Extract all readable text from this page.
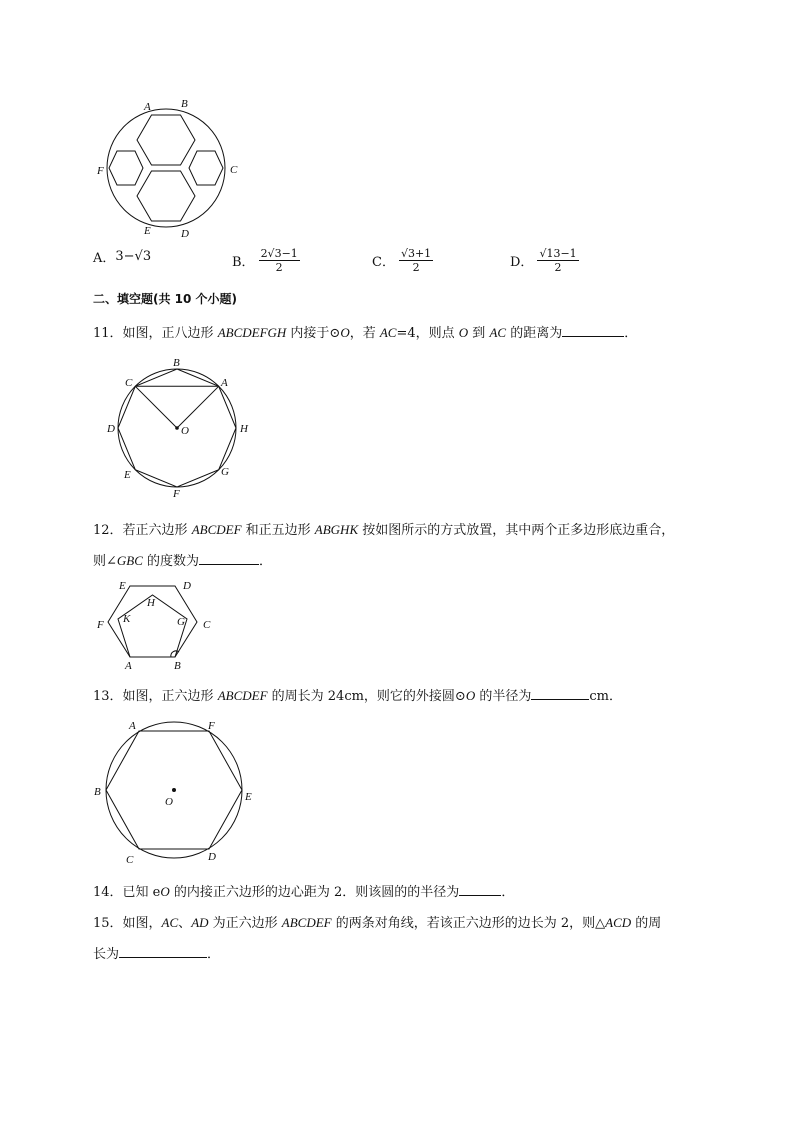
A	B
C
D
E
F
A． 3−√3	B． $\frac{2√3-1}{2}$	C． $\frac{√3+1}{2}$	D． $\frac{√13-1}{2}$
二、填空题(共 10 个小题)
11．如图，正八边形 ABCDEFGH 内接于⊙O，若 AC=4，则点 O 到 AC 的距离为	．
B
C	A
D	O	H
E	G
F
12．若正六边形 ABCDEF 和正五边形 ABGHK 按如图所示的方式放置，其中两个正多边形底边重合，
则∠GBC 的度数为	．
E	D
H
F K	G C
A	B
13．如图，正六边形 ABCDEF 的周长为 24cm，则它的外接圆⊙O 的半径为	cm．
A	F
B
O	E
C	D
14．已知 eO 的内接正六边形的边心距为 2．则该圆的的半径为	．
15．如图，AC、AD 为正六边形 ABCDEF 的两条对角线，若该正六边形的边长为 2，则△ACD 的周
长为	．
